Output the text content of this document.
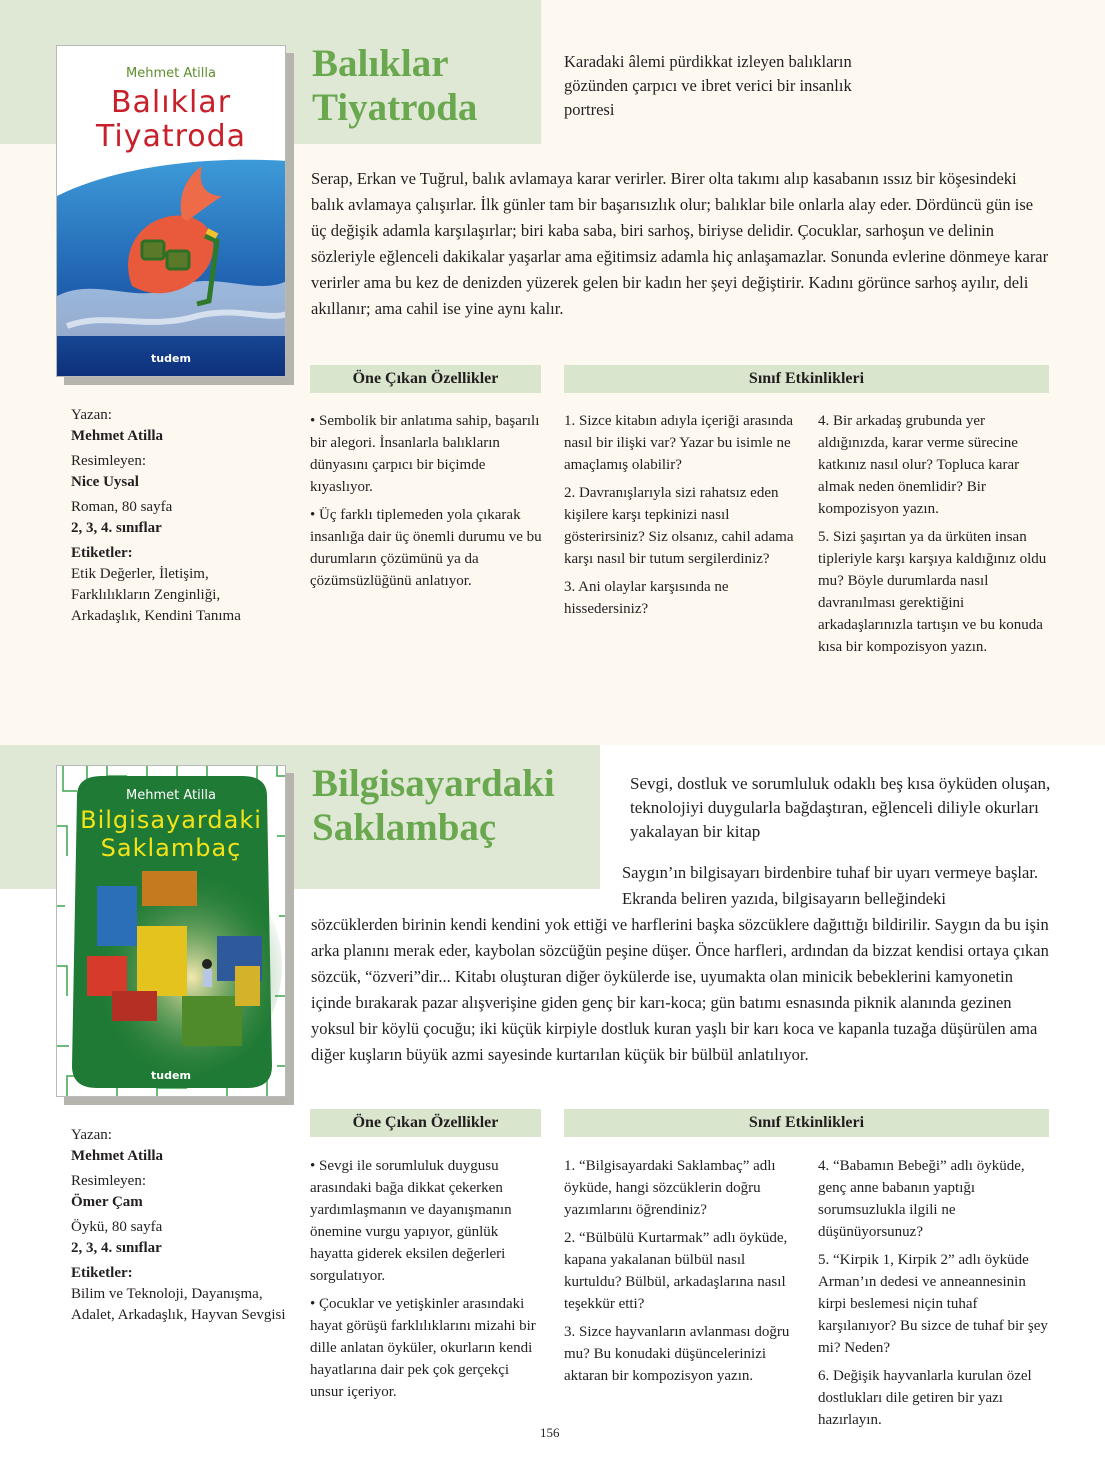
Mehmet Atilla
Balıklar
Tiyatroda
tudem
Balıklar
Tiyatroda
Karadaki âlemi pürdikkat izleyen balıkların gözünden çarpıcı ve ibret verici bir insanlık portresi
Serap, Erkan ve Tuğrul, balık avlamaya karar verirler. Birer olta takımı alıp kasabanın ıssız bir köşesindeki balık avlamaya çalışırlar. İlk günler tam bir başarısızlık olur; balıklar bile onlarla alay eder. Dördüncü gün ise üç değişik adamla karşılaşırlar; biri kaba saba, biri sarhoş, biriyse delidir. Çocuklar, sarhoşun ve delinin sözleriyle eğlenceli dakikalar yaşarlar ama eğitimsiz adamla hiç anlaşamazlar. Sonunda evlerine dönmeye karar verirler ama bu kez de denizden yüzerek gelen bir kadın her şeyi değiştirir. Kadını görünce sarhoş ayılır, deli akıllanır; ama cahil ise yine aynı kalır.
Yazan:
Mehmet Atilla
Resimleyen:
Nice Uysal
Roman, 80 sayfa
2, 3, 4. sınıflar
Etiketler:
Etik Değerler, İletişim, Farklılıkların Zenginliği, Arkadaşlık, Kendini Tanıma
Öne Çıkan Özellikler	Sınıf Etkinlikleri

• Sembolik bir anlatıma sahip, başarılı bir alegori. İnsanlarla balıkların dünyasını çarpıcı bir biçimde kıyaslıyor.

• Üç farklı tiplemeden yola çıkarak insanlığa dair üç önemli durumu ve bu durumların çözümünü ya da çözümsüzlüğünü anlatıyor.

1. Sizce kitabın adıyla içeriği arasında nasıl bir ilişki var? Yazar bu isimle ne amaçlamış olabilir?

2. Davranışlarıyla sizi rahatsız eden kişilere karşı tepkinizi nasıl gösterirsiniz? Siz olsanız, cahil adama karşı nasıl bir tutum sergilerdiniz?

3. Ani olaylar karşısında ne hissedersiniz?

4. Bir arkadaş grubunda yer aldığınızda, karar verme sürecine katkınız nasıl olur? Topluca karar almak neden önemlidir? Bir kompozisyon yazın.

5. Sizi şaşırtan ya da ürküten insan tipleriyle karşı karşıya kaldığınız oldu mu? Böyle durumlarda nasıl davranılması gerektiğini arkadaşlarınızla tartışın ve bu konuda kısa bir kompozisyon yazın.

Mehmet Atilla
Bilgisayardaki
Saklambaç
tudem
Bilgisayardaki
Saklambaç
Sevgi, dostluk ve sorumluluk odaklı beş kısa öyküden oluşan, teknolojiyi duygularla bağdaştıran, eğlenceli diliyle okurları yakalayan bir kitap
Saygın’ın bilgisayarı birdenbire tuhaf bir uyarı vermeye başlar. Ekranda beliren yazıda, bilgisayarın belleğindeki
sözcüklerden birinin kendi kendini yok ettiği ve harflerini başka sözcüklere dağıttığı bildirilir. Saygın da bu işin arka planını merak eder, kaybolan sözcüğün peşine düşer. Önce harfleri, ardından da bizzat kendisi ortaya çıkan sözcük, “özveri”dir... Kitabı oluşturan diğer öykülerde ise, uyumakta olan minicik bebeklerini kamyonetin içinde bırakarak pazar alışverişine giden genç bir karı-koca; gün batımı esnasında piknik alanında gezinen yoksul bir köylü çocuğu; iki küçük kirpiyle dostluk kuran yaşlı bir karı koca ve kapanla tuzağa düşürülen ama diğer kuşların büyük azmi sayesinde kurtarılan küçük bir bülbül anlatılıyor.
Yazan:
Mehmet Atilla
Resimleyen:
Ömer Çam
Öykü, 80 sayfa
2, 3, 4. sınıflar
Etiketler:
Bilim ve Teknoloji, Dayanışma, Adalet, Arkadaşlık, Hayvan Sevgisi
Öne Çıkan Özellikler	Sınıf Etkinlikleri

• Sevgi ile sorumluluk duygusu arasındaki bağa dikkat çekerken yardımlaşmanın ve dayanışmanın önemine vurgu yapıyor, günlük hayatta giderek eksilen değerleri sorgulatıyor.

• Çocuklar ve yetişkinler arasındaki hayat görüşü farklılıklarını mizahi bir dille anlatan öyküler, okurların kendi hayatlarına dair pek çok gerçekçi unsur içeriyor.

1. “Bilgisayardaki Saklambaç” adlı öyküde, hangi sözcüklerin doğru yazımlarını öğrendiniz?

2. “Bülbülü Kurtarmak” adlı öyküde, kapana yakalanan bülbül nasıl kurtuldu? Bülbül, arkadaşlarına nasıl teşekkür etti?

3. Sizce hayvanların avlanması doğru mu? Bu konudaki düşüncelerinizi aktaran bir kompozisyon yazın.

4. “Babamın Bebeği” adlı öyküde, genç anne babanın yaptığı sorumsuzlukla ilgili ne düşünüyorsunuz?

5. “Kirpik 1, Kirpik 2” adlı öyküde Arman’ın dedesi ve anneannesinin kirpi beslemesi niçin tuhaf karşılanıyor? Bu sizce de tuhaf bir şey mi? Neden?

6. Değişik hayvanlarla kurulan özel dostlukları dile getiren bir yazı hazırlayın.

156
